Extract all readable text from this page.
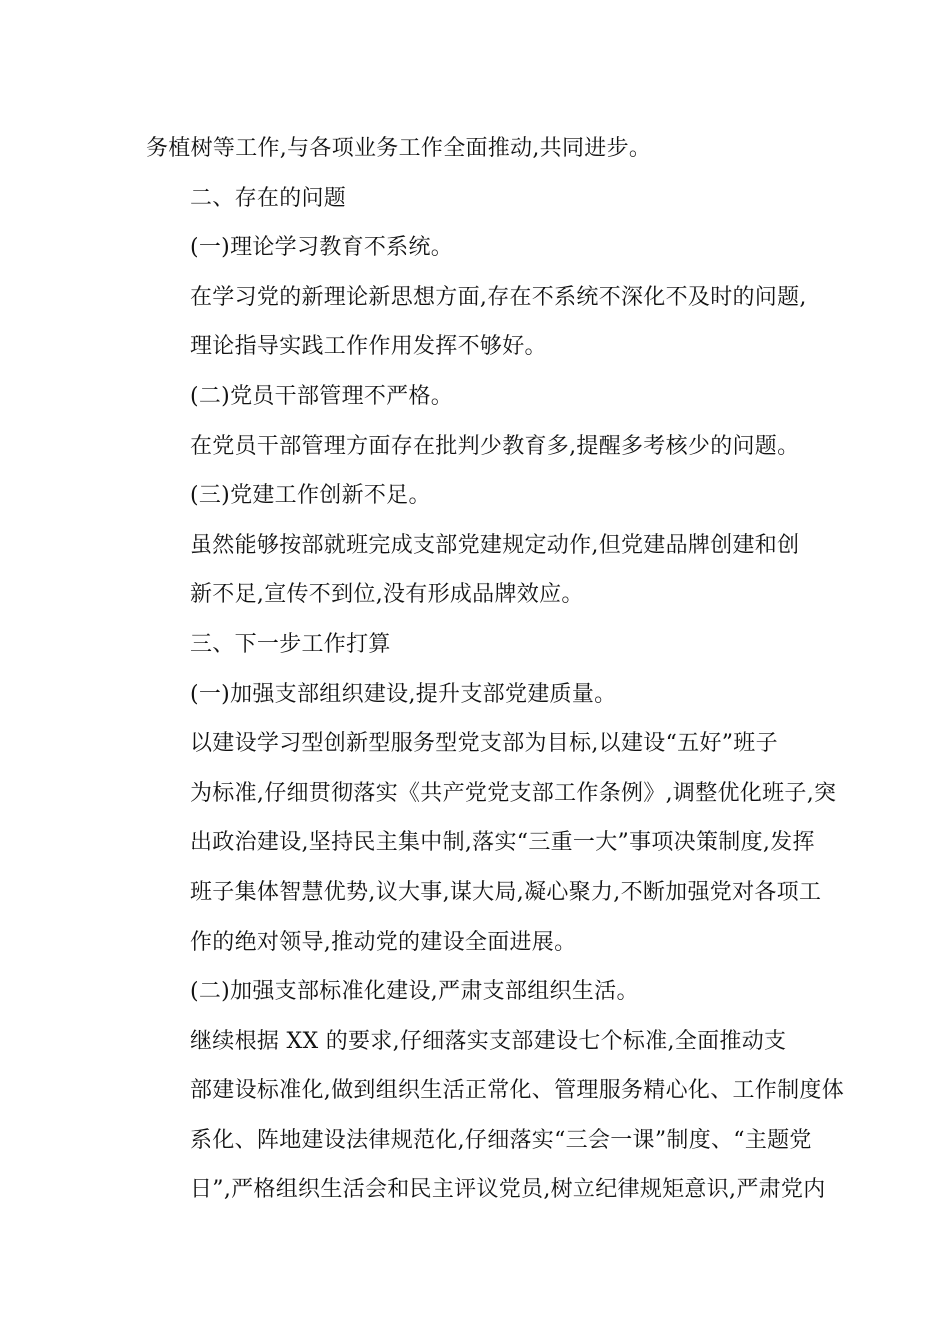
务植树等工作,与各项业务工作全面推动,共同进步。

二、存在的问题

(一)理论学习教育不系统。

在学习党的新理论新思想方面,存在不系统不深化不及时的问题,
理论指导实践工作作用发挥不够好。

(二)党员干部管理不严格。

在党员干部管理方面存在批判少教育多,提醒多考核少的问题。

(三)党建工作创新不足。

虽然能够按部就班完成支部党建规定动作,但党建品牌创建和创
新不足,宣传不到位,没有形成品牌效应。

三、下一步工作打算

(一)加强支部组织建设,提升支部党建质量。

以建设学习型创新型服务型党支部为目标,以建设“五好”班子
为标准,仔细贯彻落实《共产党党支部工作条例》,调整优化班子,突
出政治建设,坚持民主集中制,落实“三重一大”事项决策制度,发挥
班子集体智慧优势,议大事,谋大局,凝心聚力,不断加强党对各项工
作的绝对领导,推动党的建设全面进展。

(二)加强支部标准化建设,严肃支部组织生活。

继续根据 XX 的要求,仔细落实支部建设七个标准,全面推动支
部建设标准化,做到组织生活正常化、管理服务精心化、工作制度体
系化、阵地建设法律规范化,仔细落实“三会一课”制度、“主题党
日”,严格组织生活会和民主评议党员,树立纪律规矩意识,严肃党内
